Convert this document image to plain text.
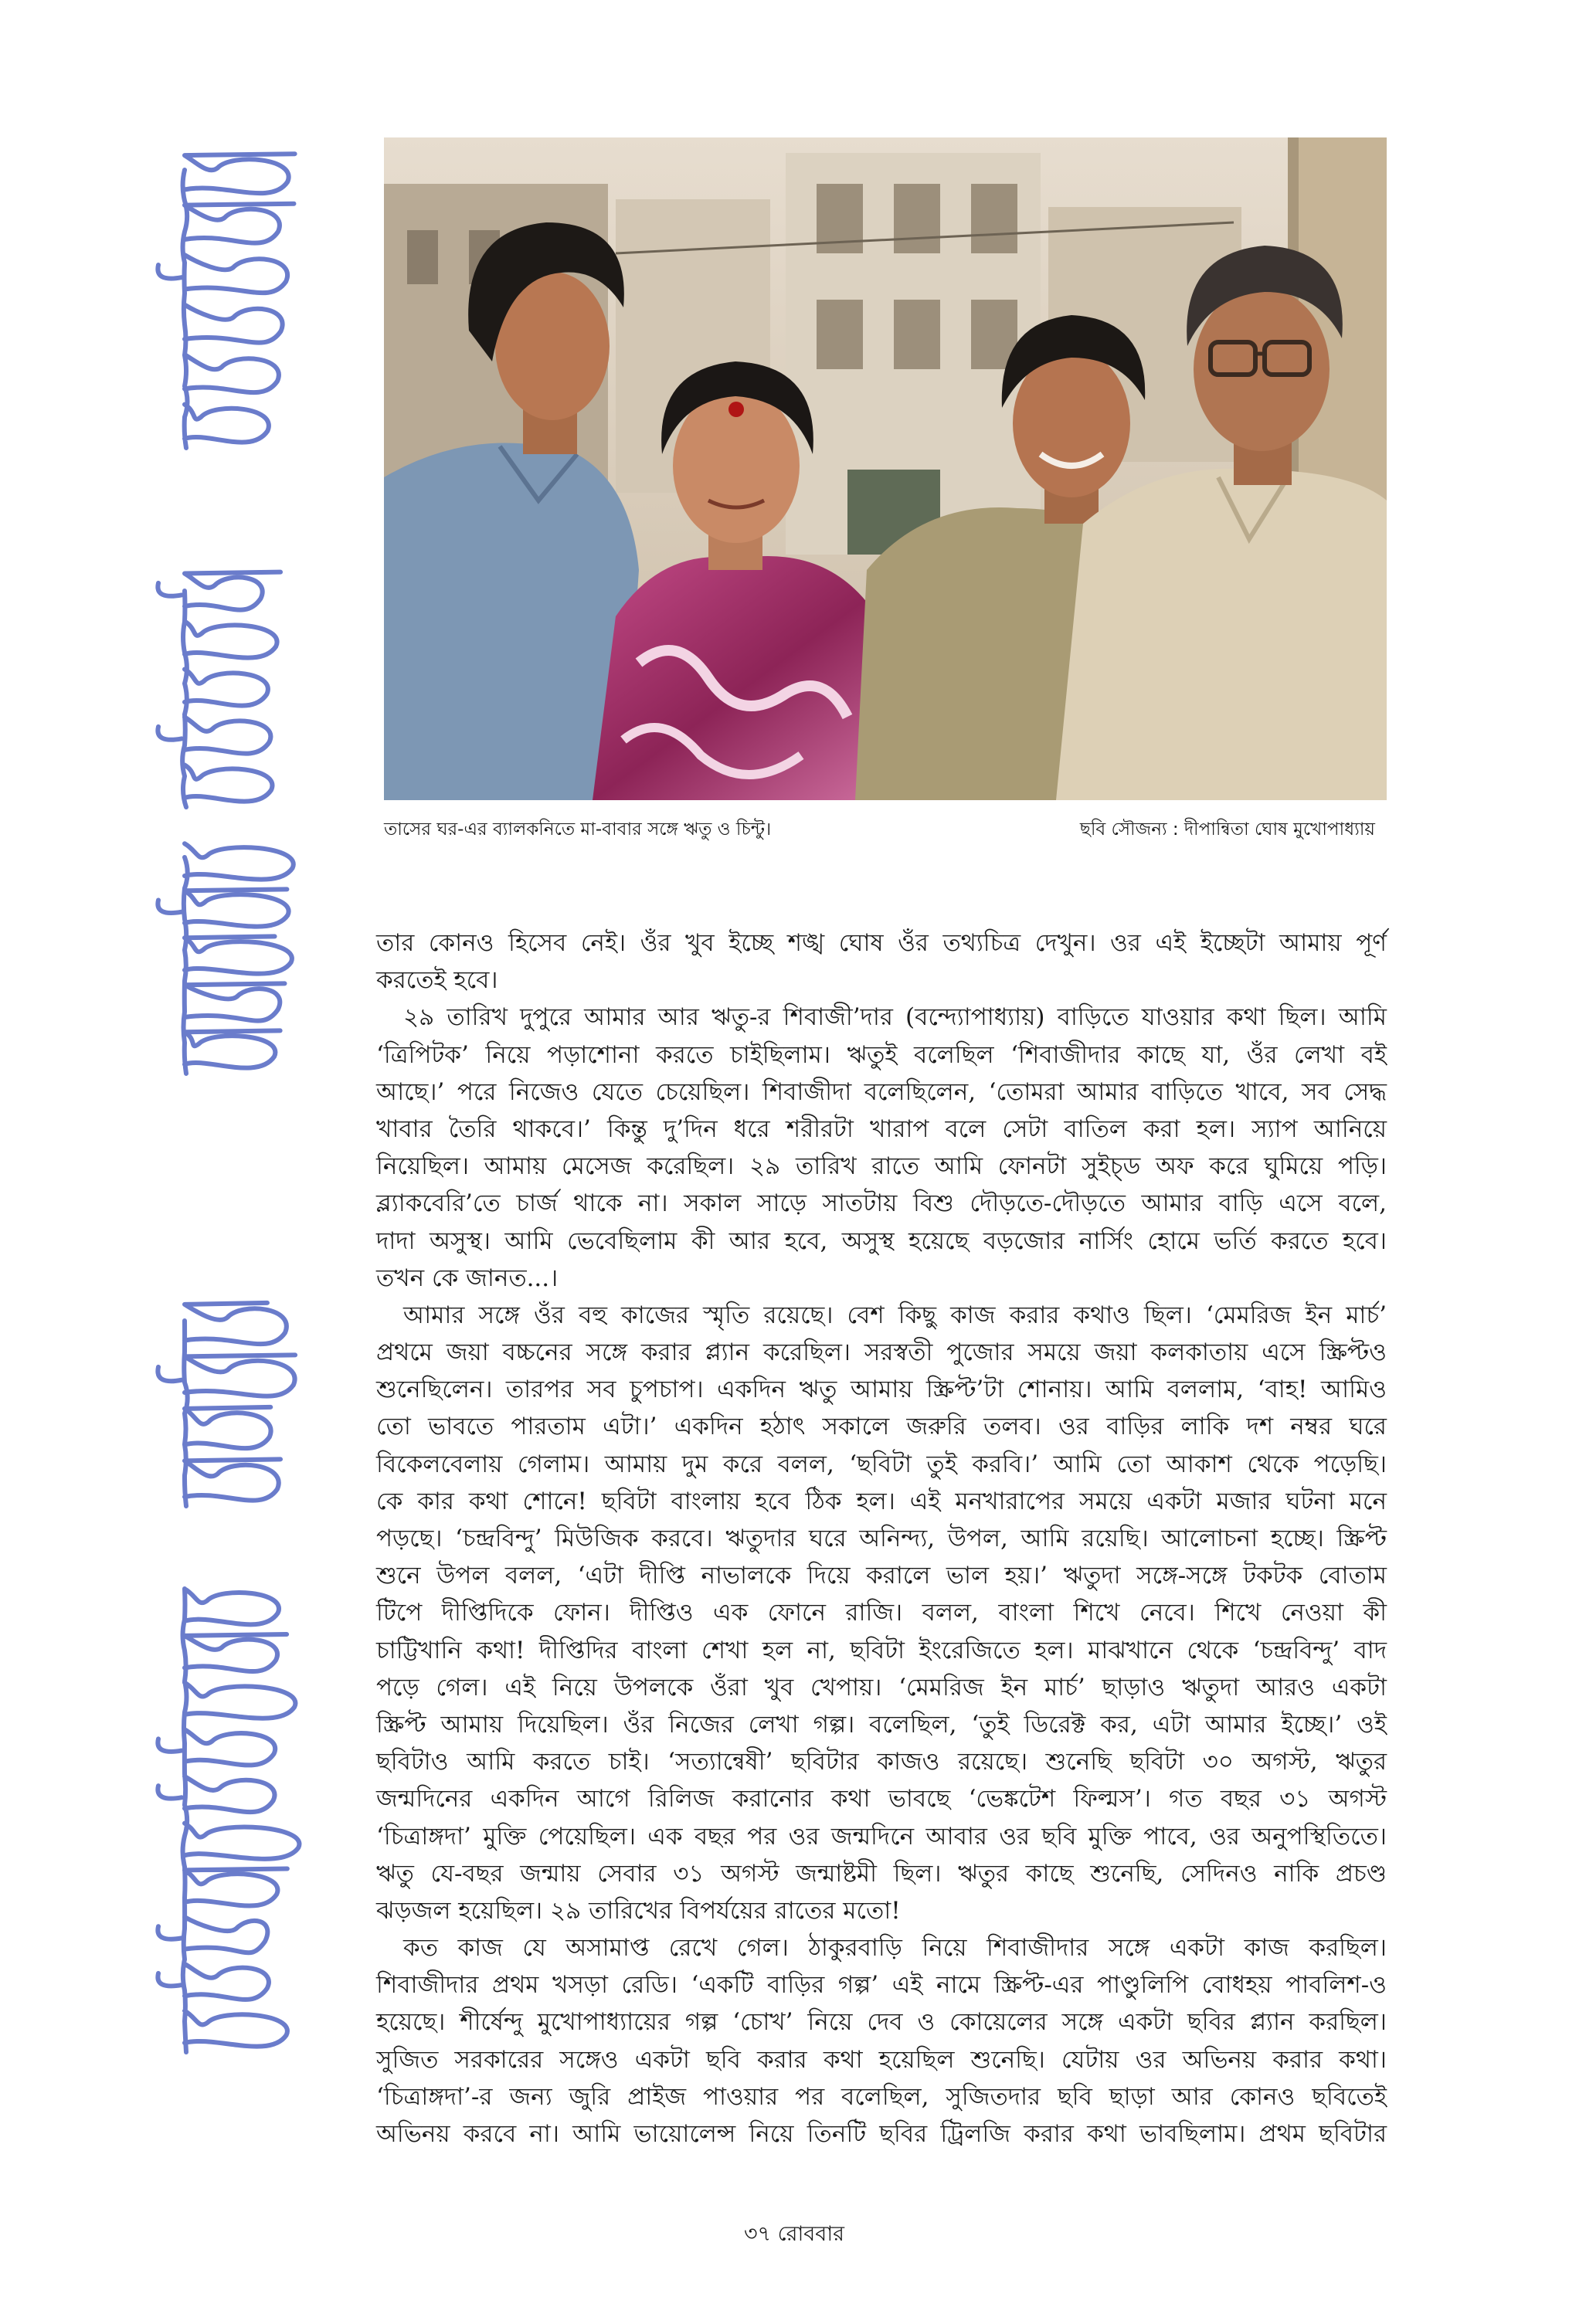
তাসের ঘর-এর ব্যালকনিতে মা-বাবার সঙ্গে ঋতু ও চিন্টু।	ছবি সৌজন্য : দীপান্বিতা ঘোষ মুখোপাধ্যায়
তার কোনও হিসেব নেই। ওঁর খুব ইচ্ছে শঙ্খ ঘোষ ওঁর তথ্যচিত্র দেখুন। ওর এই ইচ্ছেটা আমায় পূর্ণ
করতেই হবে।
২৯ তারিখ দুপুরে আমার আর ঋতু-র শিবাজী’দার (বন্দ্যোপাধ্যায়) বাড়িতে যাওয়ার কথা ছিল। আমি
‘ত্রিপিটক’ নিয়ে পড়াশোনা করতে চাইছিলাম। ঋতুই বলেছিল ‘শিবাজীদার কাছে যা, ওঁর লেখা বই
আছে।’ পরে নিজেও যেতে চেয়েছিল। শিবাজীদা বলেছিলেন, ‘তোমরা আমার বাড়িতে খাবে, সব সেদ্ধ
খাবার তৈরি থাকবে।’ কিন্তু দু’দিন ধরে শরীরটা খারাপ বলে সেটা বাতিল করা হল। স্যাপ আনিয়ে
নিয়েছিল। আমায় মেসেজ করেছিল। ২৯ তারিখ রাতে আমি ফোনটা সুইচ্‌ড অফ করে ঘুমিয়ে পড়ি।
ব্ল্যাকবেরি’তে চার্জ থাকে না। সকাল সাড়ে সাতটায় বিশু দৌড়তে-দৌড়তে আমার বাড়ি এসে বলে,
দাদা অসুস্থ। আমি ভেবেছিলাম কী আর হবে, অসুস্থ হয়েছে বড়জোর নার্সিং হোমে ভর্তি করতে হবে।
তখন কে জানত...।
আমার সঙ্গে ওঁর বহু কাজের স্মৃতি রয়েছে। বেশ কিছু কাজ করার কথাও ছিল। ‘মেমরিজ ইন মার্চ’
প্রথমে জয়া বচ্চনের সঙ্গে করার প্ল্যান করেছিল। সরস্বতী পুজোর সময়ে জয়া কলকাতায় এসে স্ক্রিপ্টও
শুনেছিলেন। তারপর সব চুপচাপ। একদিন ঋতু আমায় স্ক্রিপ্ট’টা শোনায়। আমি বললাম, ‘বাহ! আমিও
তো ভাবতে পারতাম এটা।’ একদিন হঠাৎ সকালে জরুরি তলব। ওর বাড়ির লাকি দশ নম্বর ঘরে
বিকেলবেলায় গেলাম। আমায় দুম করে বলল, ‘ছবিটা তুই করবি।’ আমি তো আকাশ থেকে পড়েছি।
কে কার কথা শোনে! ছবিটা বাংলায় হবে ঠিক হল। এই মনখারাপের সময়ে একটা মজার ঘটনা মনে
পড়ছে। ‘চন্দ্রবিন্দু’ মিউজিক করবে। ঋতুদার ঘরে অনিন্দ্য, উপল, আমি রয়েছি। আলোচনা হচ্ছে। স্ক্রিপ্ট
শুনে উপল বলল, ‘এটা দীপ্তি নাভালকে দিয়ে করালে ভাল হয়।’ ঋতুদা সঙ্গে-সঙ্গে টকটক বোতাম
টিপে দীপ্তিদিকে ফোন। দীপ্তিও এক ফোনে রাজি। বলল, বাংলা শিখে নেবে। শিখে নেওয়া কী
চাট্টিখানি কথা! দীপ্তিদির বাংলা শেখা হল না, ছবিটা ইংরেজিতে হল। মাঝখানে থেকে ‘চন্দ্রবিন্দু’ বাদ
পড়ে গেল। এই নিয়ে উপলকে ওঁরা খুব খেপায়। ‘মেমরিজ ইন মার্চ’ ছাড়াও ঋতুদা আরও একটা
স্ক্রিপ্ট আমায় দিয়েছিল। ওঁর নিজের লেখা গল্প। বলেছিল, ‘তুই ডিরেক্ট কর, এটা আমার ইচ্ছে।’ ওই
ছবিটাও আমি করতে চাই। ‘সত্যান্বেষী’ ছবিটার কাজও রয়েছে। শুনেছি ছবিটা ৩০ অগস্ট, ঋতুর
জন্মদিনের একদিন আগে রিলিজ করানোর কথা ভাবছে ‘ভেঙ্কটেশ ফিল্মস’। গত বছর ৩১ অগস্ট
‘চিত্রাঙ্গদা’ মুক্তি পেয়েছিল। এক বছর পর ওর জন্মদিনে আবার ওর ছবি মুক্তি পাবে, ওর অনুপস্থিতিতে।
ঋতু যে-বছর জন্মায় সেবার ৩১ অগস্ট জন্মাষ্টমী ছিল। ঋতুর কাছে শুনেছি, সেদিনও নাকি প্রচণ্ড
ঝড়জল হয়েছিল। ২৯ তারিখের বিপর্যয়ের রাতের মতো!
কত কাজ যে অসামাপ্ত রেখে গেল। ঠাকুরবাড়ি নিয়ে শিবাজীদার সঙ্গে একটা কাজ করছিল।
শিবাজীদার প্রথম খসড়া রেডি। ‘একটি বাড়ির গল্প’ এই নামে স্ক্রিপ্ট-এর পাণ্ডুলিপি বোধহয় পাবলিশ-ও
হয়েছে। শীর্ষেন্দু মুখোপাধ্যায়ের গল্প ‘চোখ’ নিয়ে দেব ও কোয়েলের সঙ্গে একটা ছবির প্ল্যান করছিল।
সুজিত সরকারের সঙ্গেও একটা ছবি করার কথা হয়েছিল শুনেছি। যেটায় ওর অভিনয় করার কথা।
‘চিত্রাঙ্গদা’-র জন্য জুরি প্রাইজ পাওয়ার পর বলেছিল, সুজিতদার ছবি ছাড়া আর কোনও ছবিতেই
অভিনয় করবে না। আমি ভায়োলেন্স নিয়ে তিনটি ছবির ট্রিলজি করার কথা ভাবছিলাম। প্রথম ছবিটার
৩৭ রোববার
